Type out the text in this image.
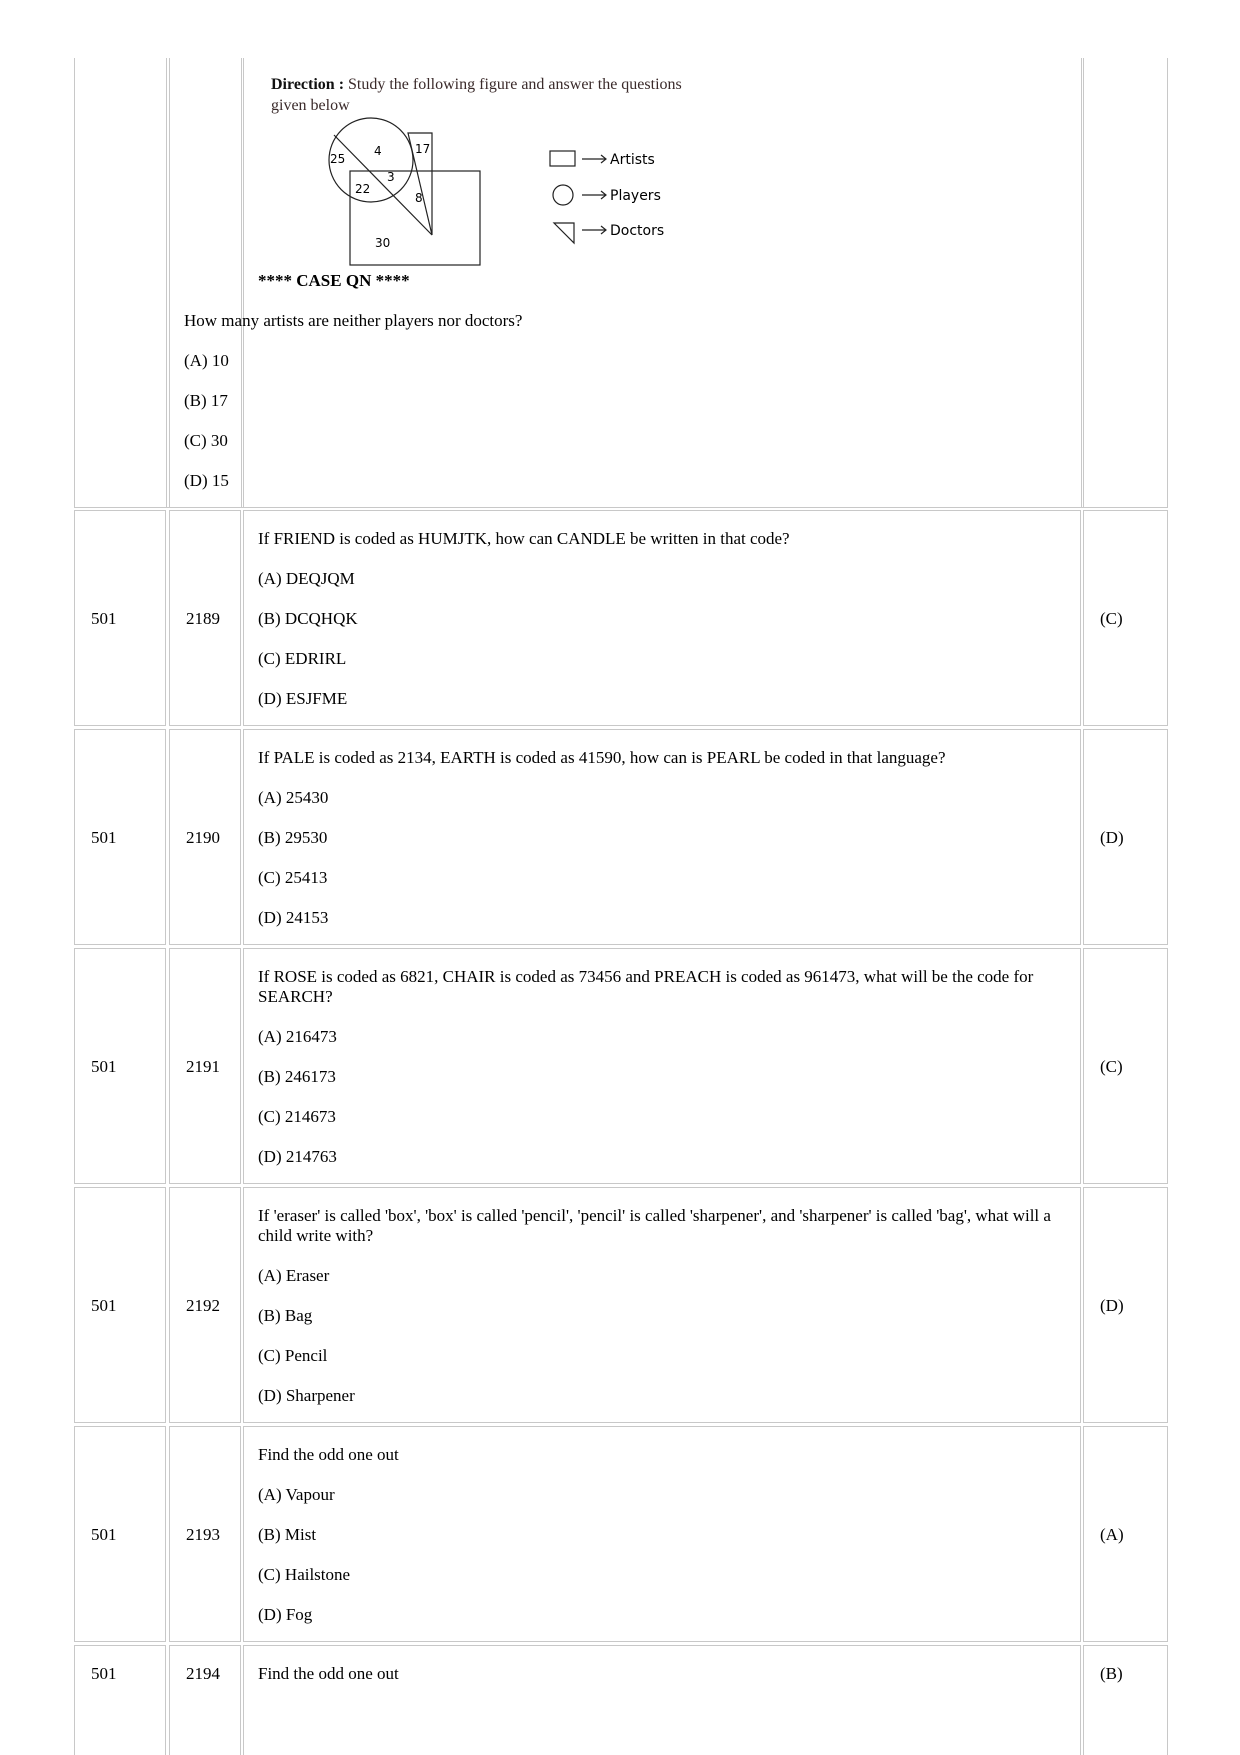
Direction : Study the following figure and answer the questions given below
25
4	17
22
3
8
30
Artists
Players
Doctors
**** CASE QN ****
How many artists are neither players nor doctors?
(A) 10
(B) 17
(C) 30
(D) 15
501	2189
If FRIEND is coded as HUMJTK, how can CANDLE be written in that code?
(A) DEQJQM
(B) DCQHQK
(C) EDRIRL
(D) ESJFME
(C)
501	2190
If PALE is coded as 2134, EARTH is coded as 41590, how can is PEARL be coded in that language?
(A) 25430
(B) 29530
(C) 25413
(D) 24153
(D)
501	2191
If ROSE is coded as 6821, CHAIR is coded as 73456 and PREACH is coded as 961473, what will be the code for SEARCH?
(A) 216473
(B) 246173
(C) 214673
(D) 214763
(C)
501	2192
If 'eraser' is called 'box', 'box' is called 'pencil', 'pencil' is called 'sharpener', and 'sharpener' is called 'bag', what will a child write with?
(A) Eraser
(B) Bag
(C) Pencil
(D) Sharpener
(D)
501	2193
Find the odd one out
(A) Vapour
(B) Mist
(C) Hailstone
(D) Fog
(A)
501	2194 Find the odd one out	(B)
